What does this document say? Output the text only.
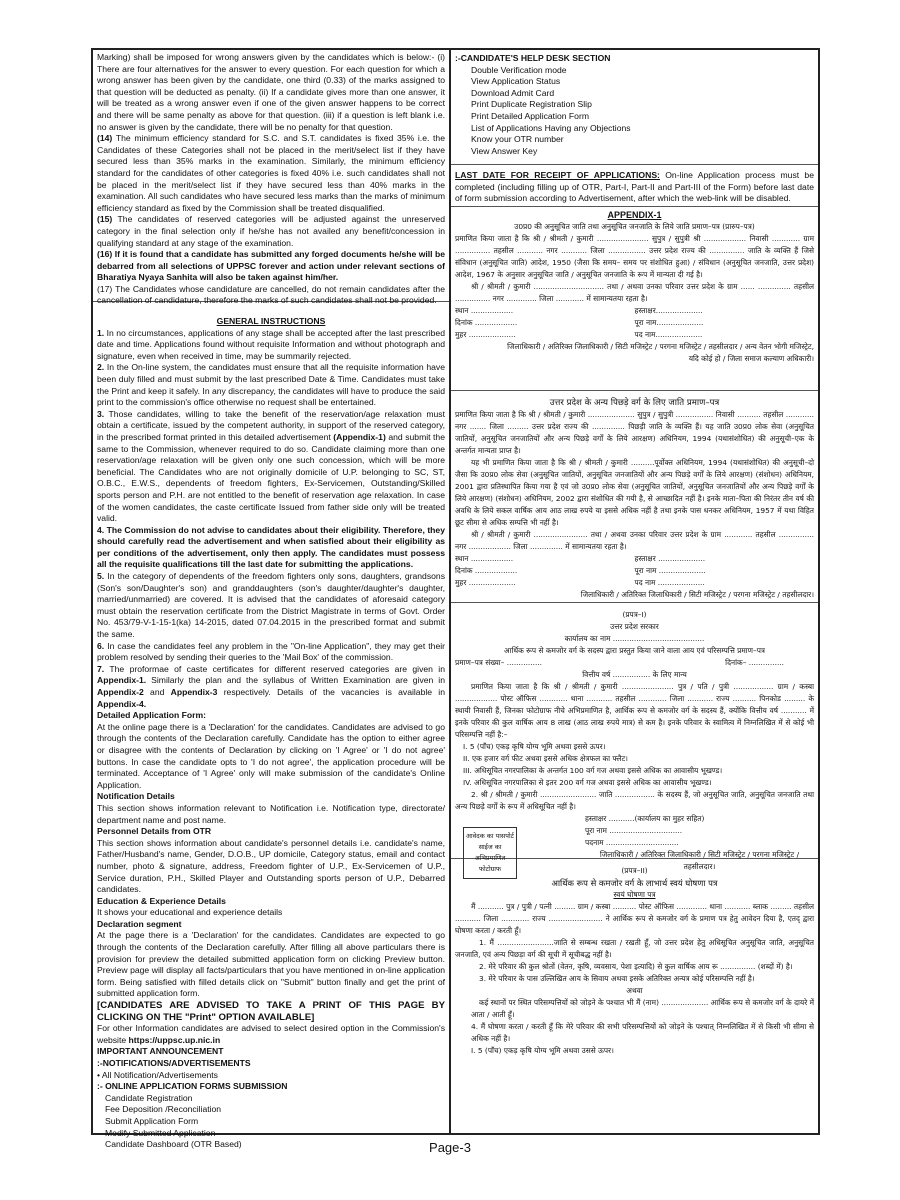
Marking) shall be imposed for wrong answers given by the candidates which is below:- (i) There are four alternatives for the answer to every question. For each question for which a wrong answer has been given by the candidate, one third (0.33) of the marks assigned to that question will be deducted as penalty. (ii) If a candidate gives more than one answer, it will be treated as a wrong answer even if one of the given answer happens to be correct and there will be same penalty as above for that question. (iii) if a question is left blank i.e. no answer is given by the candidate, there will be no penalty for that question.

(14) The minimum efficiency standard for S.C. and S.T. candidates is fixed 35% i.e. the Candidates of these Categories shall not be placed in the merit/select list if they have secured less than 35% marks in the examination. Similarly, the minimum efficiency standard for the candidates of other categories is fixed 40% i.e. such candidates shall not be placed in the merit/select list if they have secured less than 40% marks in the examination. All such candidates who have secured less marks than the marks of minimum efficiency standard as fixed by the Commission shall be treated disqualified.

(15) The candidates of reserved categories will be adjusted against the unreserved category in the final selection only if he/she has not availed any benefit/concession in qualifying standard at any stage of the examination.

(16) If it is found that a candidate has submitted any forged documents he/she will be debarred from all selections of UPPSC forever and action under relevant sections of Bharatiya Nyaya Sanhita will also be taken against him/her.

(17) The Candidates whose candidature are cancelled, do not remain candidates after the cancellation of candidature, therefore the marks of such candidates shall not be provided.

GENERAL INSTRUCTIONS

1. In no circumstances, applications of any stage shall be accepted after the last prescribed date and time. Applications found without requisite Information and without photograph and signature, even when received in time, may be summarily rejected.

2. In the On-line system, the candidates must ensure that all the requisite information have been duly filled and must submit by the last prescribed Date & Time. Candidates must take the Print and keep it safely. In any discrepancy, the candidates will have to produce the said print to the commission's office otherwise no request shall be entertained.

3. Those candidates, willing to take the benefit of the reservation/age relaxation must obtain a certificate, issued by the competent authority, in support of the reserved category, in the prescribed format printed in this detailed advertisement (Appendix-1) and submit the same to the Commission, whenever required to do so. Candidate claiming more than one reservation/age relaxation will be given only one such concession, which will be more beneficial. The Candidates who are not originally domicile of U.P. belonging to SC, ST, O.B.C., E.W.S., dependents of freedom fighters, Ex-Servicemen, Outstanding/Skilled sports person and P.H. are not entitled to the benefit of reservation age relaxation. In case of the women candidates, the caste certificate Issued from father side only will be treated valid.

4. The Commission do not advise to candidates about their eligibility. Therefore, they should carefully read the advertisement and when satisfied about their eligibility as per conditions of the advertisement, only then apply. The candidates must possess all the requisite qualifications till the last date for submitting the applications.

5. In the category of dependents of the freedom fighters only sons, daughters, grandsons (Son's son/Daughter's son) and granddaughters (son's daughter/daughter's daughter, married/unmarried) are covered. It is advised that the candidates of aforesaid category must obtain the reservation certificate from the District Magistrate in terms of Govt. Order No. 453/79-V-1-15-1(ka) 14-2015, dated 07.04.2015 in the prescribed format and submit the same.

6. In case the candidates feel any problem in the "On-line Application", they may get their problem resolved by sending their queries to the 'Mail Box' of the commission.

7. The proformae of caste certificates for different reserved categories are given in Appendix-1. Similarly the plan and the syllabus of Written Examination are given in Appendix-2 and Appendix-3 respectively. Details of the vacancies is available in Appendix-4.

Detailed Application Form:

At the online page there is a 'Declaration' for the candidates. Candidates are advised to go through the contents of the Declaration carefully. Candidate has the option to either agree or disagree with the contents of Declaration by clicking on 'I Agree' or 'I do not agree' buttons. In case the candidate opts to 'I do not agree', the application procedure will be terminated. Acceptance of 'I Agree' only will make submission of the candidate's Online Application.

Notification Details

This section shows information relevant to Notification i.e. Notification type, directorate/ department name and post name.

Personnel Details from OTR

This section shows information about candidate's personnel details i.e. candidate's name, Father/Husband's name, Gender, D.O.B., UP domicile, Category status, email and contact number, photo & signature, address, Freedom fighter of U.P., Ex-Servicemen of U.P., Service duration, P.H., Skilled Player and Outstanding sports person of U.P., Debarred candidates.

Education & Experience Details

It shows your educational and experience details

Declaration segment

At the page there is a 'Declaration' for the candidates. Candidates are expected to go through the contents of the Declaration carefully. After filling all above particulars there is provision for preview the detailed submitted application form on clicking Preview button. Preview page will display all facts/particulars that you have mentioned in on-line application form. Being satisfied with filled details click on "Submit" button finally and get the print of submitted application form.

[CANDIDATES ARE ADVISED TO TAKE A PRINT OF THIS PAGE BY CLICKING ON THE "Print" OPTION AVAILABLE]

For other Information candidates are advised to select desired option in the Commission's website https://uppsc.up.nic.in

IMPORTANT ANNOUNCEMENT

:-NOTIFICATIONS/ADVERTISEMENTS

• All Notification/Advertisements

:- ONLINE APPLICATION FORMS SUBMISSION

Candidate Registration

Fee Deposition /Reconciliation

Submit Application Form

Modify Submitted Application

Candidate Dashboard (OTR Based)

:-CANDIDATE'S HELP DESK SECTION

Double Verification mode

View Application Status

Download Admit Card

Print Duplicate Registration Slip

Print Detailed Application Form

List of Applications Having any Objections

Know your OTR number

View Answer Key

LAST DATE FOR RECEIPT OF APPLICATIONS: On-line Application process must be completed (including filling up of OTR, Part-I, Part-II and Part-III of the Form) before last date of form submission according to Advertisement, after which the web-link will be disabled.

APPENDIX-1

उ0प्र0 की अनुसूचित जाति तथा अनुसूचित जनजाति के लिये जाति प्रमाण–पत्र (प्रारुप–पत्र)

प्रमाणित किया जाता है कि श्री / श्रीमती / कुमारी ...................... सुपुत्र / सुपुत्री श्री .................. निवासी ............ ग्राम ............... तहसील ........... नगर ........... जिला ................ उत्तर प्रदेश राज्य की ............... जाति के व्यक्ति हैं जिसे संविधान (अनुसूचित जाति) आदेश, 1950 (जैसा कि समय– समय पर संशोधित हुआ) / संविधान (अनुसूचित जनजाति, उत्तर प्रदेश) आदेश, 1967 के अनुसार अनुसूचित जाति / अनुसूचित जनजाति के रूप में मान्यता दी गई है।

श्री / श्रीमती / कुमारी .............................. तथा / अथवा उनका परिवार उत्तर प्रदेश के ग्राम ...... .............. तहसील ............... नगर ............. जिला ............ में सामान्यतया रहता है।

स्थान ..................

दिनांक ..................

मुहर ....................

हस्ताक्षर....................

पूरा नाम....................

पद नाम....................

जिलाधिकारी / अतिरिक्त जिलाधिकारी / सिटी मजिस्ट्रेट / परगना मजिस्ट्रेट / तहसीलदार / अन्य वेतन भोगी मजिस्ट्रेट, यदि कोई हो / जिला समाज कल्याण अधिकारी।

उत्तर प्रदेश के अन्य पिछड़े वर्ग के लिए जाति प्रमाण–पत्र

प्रमाणित किया जाता है कि श्री / श्रीमती / कुमारी .................... सुपुत्र / सुपुत्री ................ निवासी .......... तहसील ............ नगर ....... जिला ......... उत्तर प्रदेश राज्य की .............. पिछड़ी जाति के व्यक्ति हैं। यह जाति उ0प्र0 लोक सेवा (अनुसूचित जातियों, अनुसूचित जनजातियों और अन्य पिछड़े वर्गों के लिये आरक्षण) अधिनियम, 1994 (यथासंशोधित) की अनुसूची–एक के अन्तर्गत मान्यता प्राप्त है।

यह भी प्रमाणित किया जाता है कि श्री / श्रीमती / कुमारी ..........पूर्वोक्त अधिनियम, 1994 (यथासंशोधित) की अनुसूची–दो जैसा कि उ0प्र0 लोक सेवा (अनुसूचित जातियों, अनुसूचित जनजातियों और अन्य पिछड़े वर्गों के लिये आरक्षण) (संशोधन) अधिनियम, 2001 द्वारा प्रतिस्थापित किया गया है एवं जो उ0प्र0 लोक सेवा (अनुसूचित जातियों, अनुसूचित जनजातियों और अन्य पिछड़े वर्गों के लिये आरक्षण) (संशोधन) अधिनियम, 2002 द्वारा संशोधित की गयी है, से आच्छादित नहीं है। इनके माता–पिता की निरंतर तीन वर्ष की अवधि के लिये सकल वार्षिक आय आठ लाख रुपये या इससे अधिक नहीं है तथा इनके पास धनकर अधिनियम, 1957 में यथा विहित छूट सीमा से अधिक सम्पत्ति भी नहीं है।

श्री / श्रीमती / कुमारी ....................... तथा / अथवा उनका परिवार उत्तर प्रदेश के ग्राम ............ तहसील ............... नगर .................. जिला .............. में सामान्यतया रहता है।

स्थान ..................

दिनांक ..................

मुहर ....................

हस्ताक्षर ....................

पूरा नाम ....................

पद नाम ....................

जिलाधिकारी / अतिरिक्त जिलाधिकारी / सिटी मजिस्ट्रेट / परगना मजिस्ट्रेट / तहसीलदार।

(प्रपत्र–I)

उत्तर प्रदेश सरकार

कार्यालय का नाम .......................................

आर्थिक रूप से कमजोर वर्ग के सदस्य द्वारा प्रस्तुत किया जाने वाला आय एवं परिसम्पत्ति प्रमाण–पत्र

प्रमाण–पत्र संख्या– ...............	दिनांक– ...............

वित्तीय वर्ष ................ के लिए मान्य

प्रमाणित किया जाता है कि श्री / श्रीमती / कुमारी ...................... पुत्र / पति / पुत्री ................. ग्राम / कस्बा .................. पोस्ट ऑफिस ............ थाना ........... तहसील ............ जिला ........... राज्य .......... पिनकोड ......... के स्थायी निवासी हैं, जिनका फोटोग्राफ नीचे अभिप्रमाणित है, आर्थिक रूप से कमजोर वर्ग के सदस्य हैं, क्योंकि वित्तीय वर्ष ........... में इनके परिवार की कुल वार्षिक आय 8 लाख (आठ लाख रुपये मात्र) से कम है। इनके परिवार के स्वामित्व में निम्नलिखित में से कोई भी परिसम्पत्ति नहीं है:–

I. 5 (पाँच) एकड़ कृषि योग्य भूमि अथवा इससे ऊपर।

II. एक हजार वर्ग फीट अथवा इससे अधिक क्षेत्रफल का फ्लैट।

III. अधिसूचित नगरपालिका के अन्तर्गत 100 वर्ग गज अथवा इससे अधिक का आवासीय भूखण्ड।

IV. अधिसूचित नगरपालिका से इतर 200 वर्ग गज अथवा इससे अधिक का आवासीय भूखण्ड।

2. श्री / श्रीमती / कुमारी ........................ जाति ................. के सदस्य हैं, जो अनुसूचित जाति, अनुसूचित जनजाति तथा अन्य पिछड़े वर्गों के रूप में अधिसूचित नहीं है।

आवेदक का पासपोर्ट साईज का अभिप्रमाणित फोटोग्राफ

हस्ताक्षर ...........(कार्यालय का मुहर सहित)

पूरा नाम ...............................

पदनाम ...............................

जिलाधिकारी / अतिरिक्त जिलाधिकारी / सिटी मजिस्ट्रेट / परगना मजिस्ट्रेट / तहसीलदार।

(प्रपत्र–II)

आर्थिक रूप से कमजोर वर्ग के लाभार्थ स्वयं घोषणा पत्र

स्वयं घोषणा पत्र

मैं ........... पुत्र / पुत्री / पत्नी ......... ग्राम / कस्बा .......... पोस्ट ऑफिस ............. थाना ........... ब्लाक ......... तहसील ........... जिला ............ राज्य ....................... ने आर्थिक रूप से कमजोर वर्ग के प्रमाण पत्र हेतु आवेदन दिया है, एतद् द्वारा घोषणा करता / करती हूँ।

1. मैं ........................जाति से सम्बन्ध रखता / रखती हूँ, जो उत्तर प्रदेश हेतु अधिसूचित अनुसूचित जाति, अनुसूचित जनजाति, एवं अन्य पिछड़ा वर्ग की सूची में सूचीबद्ध नहीं है।

2. मेरे परिवार की कुल श्रोतों (वेतन, कृषि, व्यवसाय, पेशा इत्यादि) से कुल वार्षिक आय रू ............... (शब्दों में) है।

3. मेरे परिवार के पास उल्लिखित आय के सिवाय अथवा इसके अतिरिक्त अन्यत्र कोई परिसम्पत्ति नहीं है।

अथवा

कई स्थानों पर स्थित परिसम्पत्तियों को जोड़ने के पश्चात भी मैं (नाम) .................... आर्थिक रूप से कमजोर वर्ग के दायरे में आता / आती हूँ।

4. मैं घोषणा करता / करती हूँ कि मेरे परिवार की सभी परिसम्पत्तियों को जोड़ने के पश्चात् निम्नलिखित में से किसी भी सीमा से अधिक नहीं है।

I. 5 (पाँच) एकड़ कृषि योग्य भूमि अथवा उससे ऊपर।

Page-3
